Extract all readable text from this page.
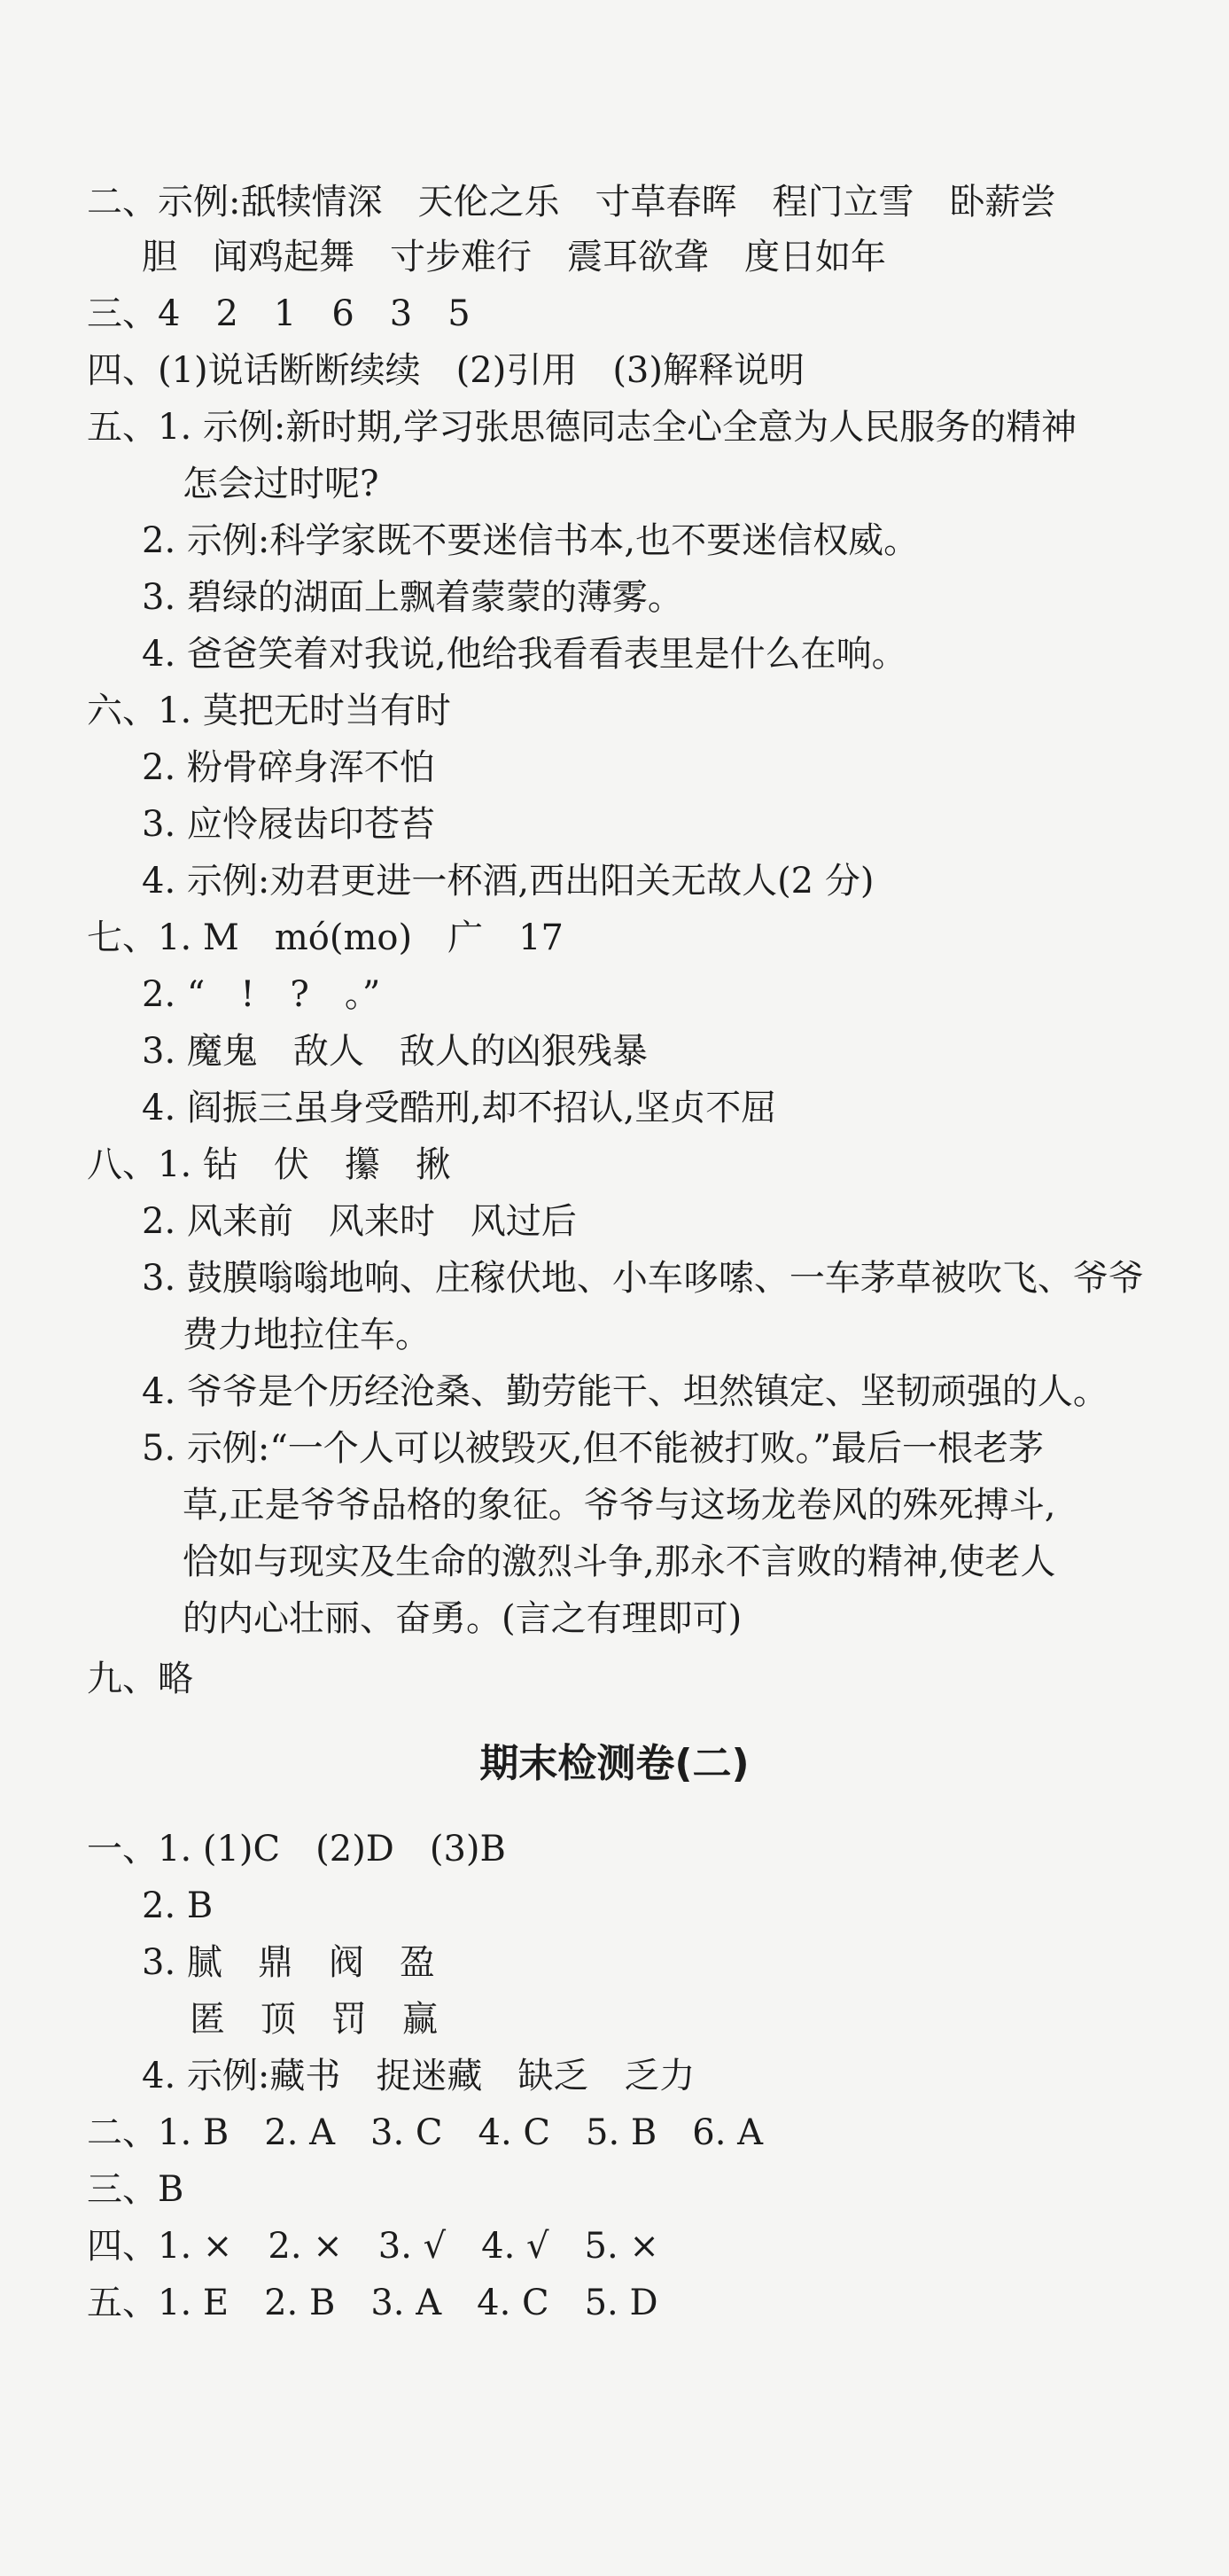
二、示例:舐犊情深　天伦之乐　寸草春晖　程门立雪　卧薪尝
胆　闻鸡起舞　寸步难行　震耳欲聋　度日如年
三、4　2　1　6　3　5
四、(1)说话断断续续　(2)引用　(3)解释说明
五、1. 示例:新时期,学习张思德同志全心全意为人民服务的精神
怎会过时呢?
2. 示例:科学家既不要迷信书本,也不要迷信权威。
3. 碧绿的湖面上飘着蒙蒙的薄雾。
4. 爸爸笑着对我说,他给我看看表里是什么在响。
六、1. 莫把无时当有时
2. 粉骨碎身浑不怕
3. 应怜屐齿印苍苔
4. 示例:劝君更进一杯酒,西出阳关无故人(2 分)
七、1. M　mó(mo)　广　17
2. “　!　?　。”
3. 魔鬼　敌人　敌人的凶狠残暴
4. 阎振三虽身受酷刑,却不招认,坚贞不屈
八、1. 钻　伏　攥　揪
2. 风来前　风来时　风过后
3. 鼓膜嗡嗡地响、庄稼伏地、小车哆嗦、一车茅草被吹飞、爷爷
费力地拉住车。
4. 爷爷是个历经沧桑、勤劳能干、坦然镇定、坚韧顽强的人。
5. 示例:“一个人可以被毁灭,但不能被打败。”最后一根老茅
草,正是爷爷品格的象征。爷爷与这场龙卷风的殊死搏斗,
恰如与现实及生命的激烈斗争,那永不言败的精神,使老人
的内心壮丽、奋勇。(言之有理即可)
九、略
期末检测卷(二)
一、1. (1)C　(2)D　(3)B
2. B
3. 腻　鼎　阀　盈
匿　顶　罚　赢
4. 示例:藏书　捉迷藏　缺乏　乏力
二、1. B　2. A　3. C　4. C　5. B　6. A
三、B
四、1. ×　2. ×　3. √　4. √　5. ×
五、1. E　2. B　3. A　4. C　5. D
